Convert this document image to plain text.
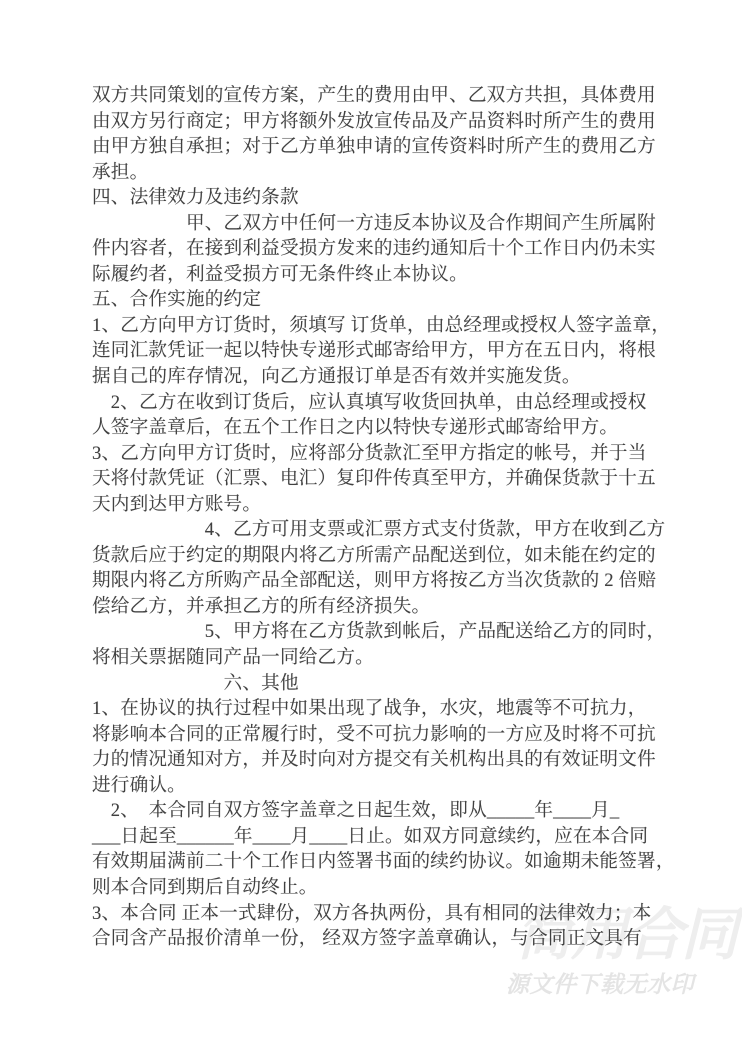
简用合同
源文件下载无水印
双方共同策划的宣传方案，产生的费用由甲、乙双方共担，具体费用
由双方另行商定；甲方将额外发放宣传品及产品资料时所产生的费用
由甲方独自承担；对于乙方单独申请的宣传资料时所产生的费用乙方
承担。
四、法律效力及违约条款
　　　　　甲、乙双方中任何一方违反本协议及合作期间产生所属附
件内容者，在接到利益受损方发来的违约通知后十个工作日内仍未实
际履约者，利益受损方可无条件终止本协议。
五、合作实施的约定
1、乙方向甲方订货时，须填写 订货单，由总经理或授权人签字盖章，
连同汇款凭证一起以特快专递形式邮寄给甲方，甲方在五日内，将根
据自己的库存情况，向乙方通报订单是否有效并实施发货。
　2、乙方在收到订货后，应认真填写收货回执单，由总经理或授权
人签字盖章后，在五个工作日之内以特快专递形式邮寄给甲方。
3、乙方向甲方订货时，应将部分货款汇至甲方指定的帐号，并于当
天将付款凭证（汇票、电汇）复印件传真至甲方，并确保货款于十五
天内到达甲方账号。
　　　　　　4、乙方可用支票或汇票方式支付货款，甲方在收到乙方
货款后应于约定的期限内将乙方所需产品配送到位，如未能在约定的
期限内将乙方所购产品全部配送，则甲方将按乙方当次货款的 2 倍赔
偿给乙方，并承担乙方的所有经济损失。
　　　　　　5、甲方将在乙方货款到帐后，产品配送给乙方的同时，
将相关票据随同产品一同给乙方。
　　　　　　　六、其他
1、在协议的执行过程中如果出现了战争，水灾，地震等不可抗力，
将影响本合同的正常履行时，受不可抗力影响的一方应及时将不可抗
力的情况通知对方，并及时向对方提交有关机构出具的有效证明文件
进行确认。
　2、　本合同自双方签字盖章之日起生效，即从_____年____月_
___日起至______年____月____日止。如双方同意续约，应在本合同
有效期届满前二十个工作日内签署书面的续约协议。如逾期未能签署，
则本合同到期后自动终止。
3、本合同 正本一式肆份，双方各执两份，具有相同的法律效力；本
合同含产品报价清单一份， 经双方签字盖章确认，与合同正文具有
